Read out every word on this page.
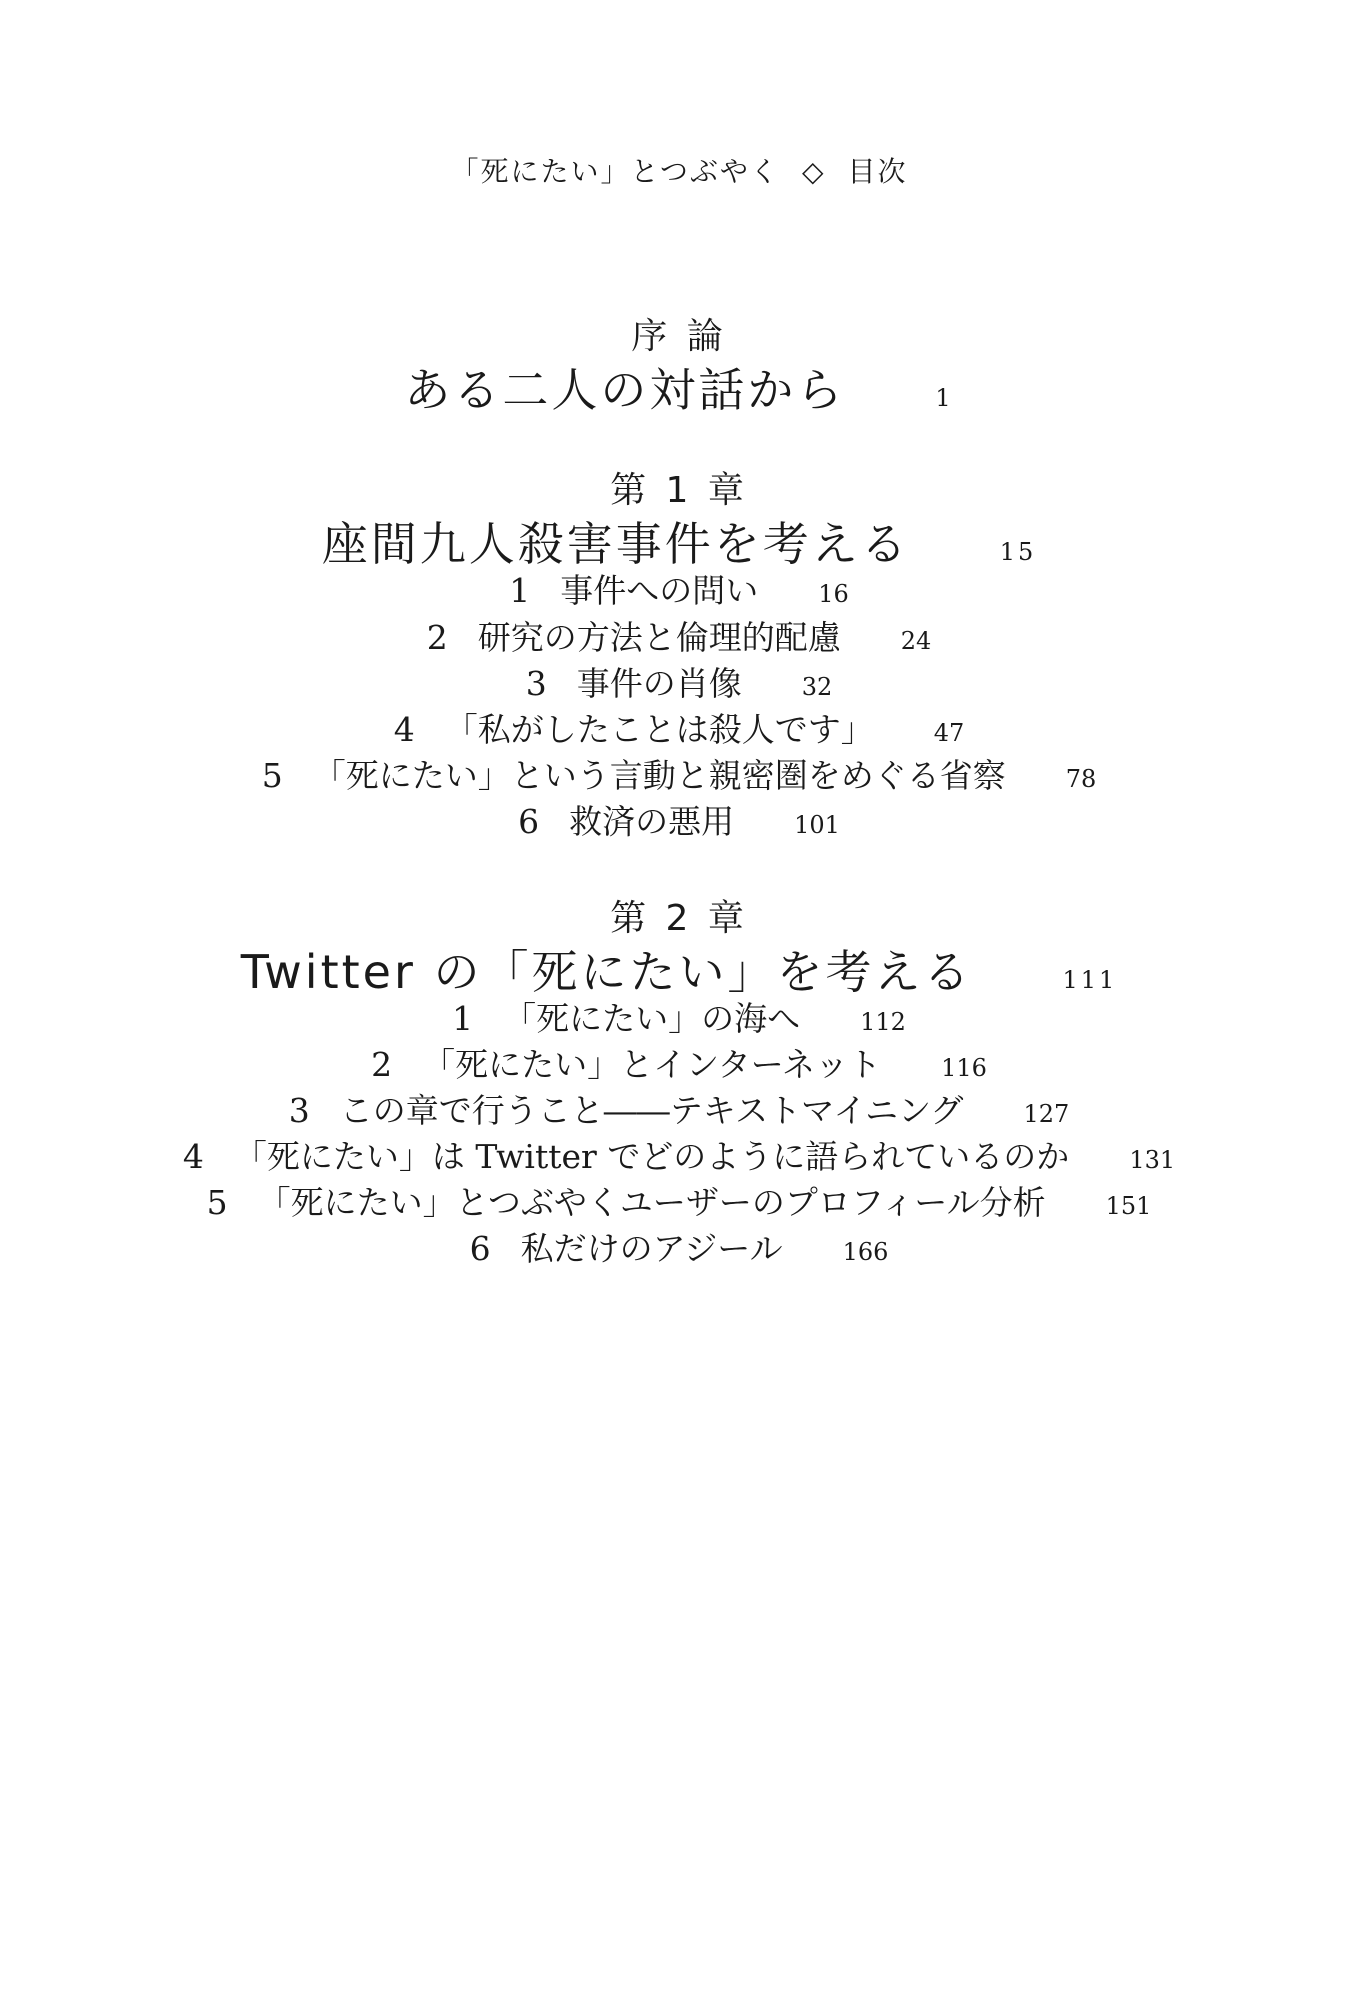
「死にたい」とつぶやく ◇ 目次
序 論
ある二人の対話から	1
第 1 章
座間九人殺害事件を考える	15
1 事件への問い	16
2 研究の方法と倫理的配慮	24
3 事件の肖像	32
4 「私がしたことは殺人です」	47
5 「死にたい」という言動と親密圏をめぐる省察	78
6 救済の悪用	101
第 2 章
Twitter の「死にたい」を考える	111
1 「死にたい」の海へ	112
2 「死にたい」とインターネット	116
3 この章で行うこと――テキストマイニング	127
4 「死にたい」は Twitter でどのように語られているのか	131
5 「死にたい」とつぶやくユーザーのプロフィール分析	151
6 私だけのアジール	166
